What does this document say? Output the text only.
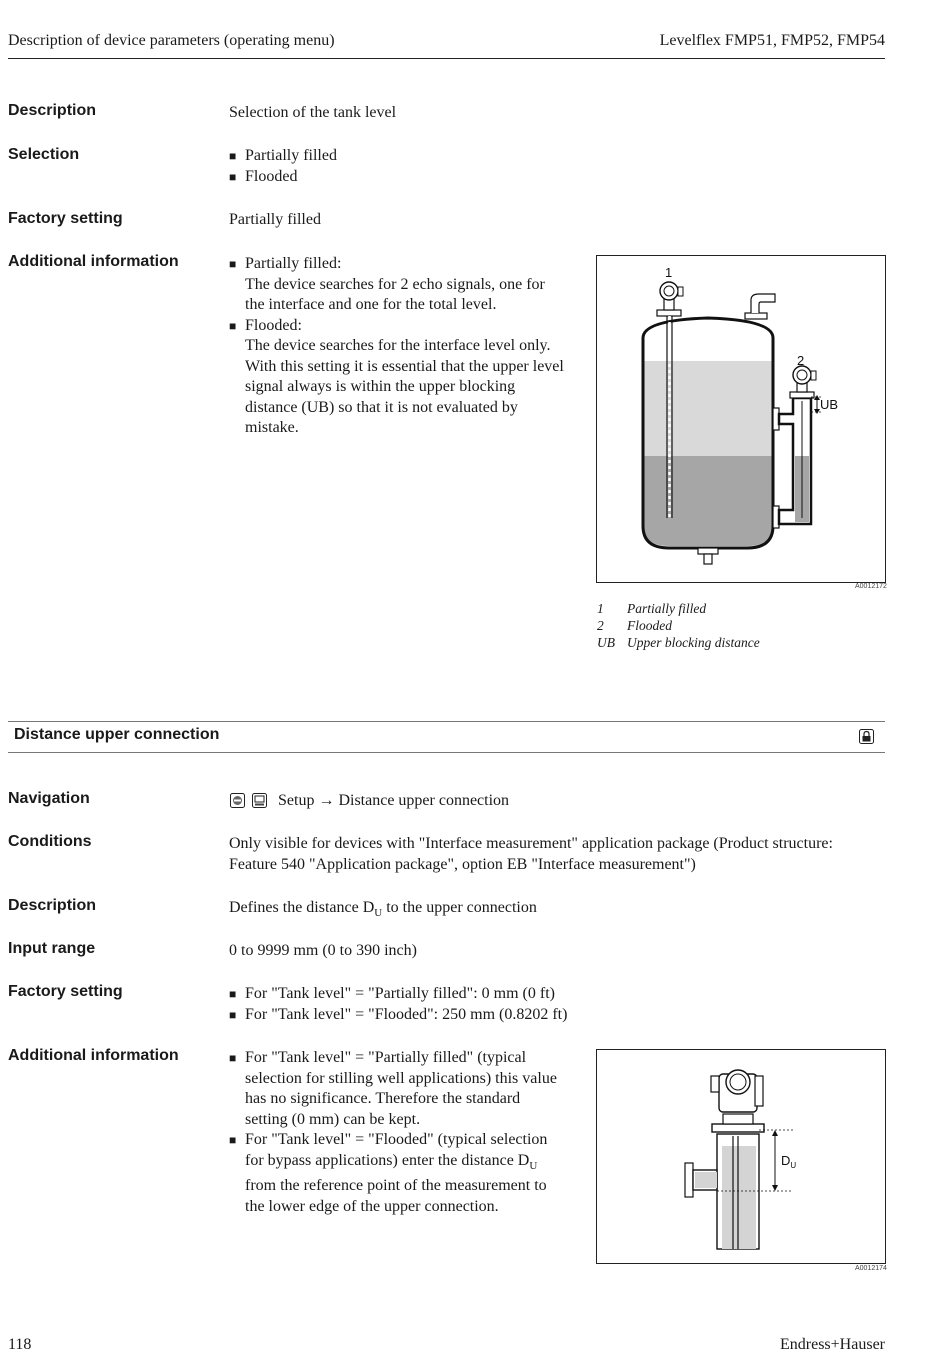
Description of device parameters (operating menu)	Levelflex FMP51, FMP52, FMP54
Description	Selection of the tank level
Selection	■ Partially filled
■ Flooded
Factory setting	Partially filled
Additional information	■ Partially filled:
The device searches for 2 echo signals, one for
the interface and one for the total level.
■ Flooded:
The device searches for the interface level only.
With this setting it is essential that the upper level
signal always is within the upper blocking
distance (UB) so that it is not evaluated by
mistake.
1
2
UB
A0012172
1 Partially filled
2 Flooded
UB Upper blocking distance
Distance upper connection
Navigation	Setup → Distance upper connection
Conditions	Only visible for devices with "Interface measurement" application package (Product structure:
Feature 540 "Application package", option EB "Interface measurement")
Description	Defines the distance $D_U$ to the upper connection
Input range	0 to 9999 mm (0 to 390 inch)
Factory setting	■ For "Tank level" = "Partially filled": 0 mm (0 ft)
■ For "Tank level" = "Flooded": 250 mm (0.8202 ft)
Additional information	■ For "Tank level" = "Partially filled" (typical
selection for stilling well applications) this value
has no significance. Therefore the standard
setting (0 mm) can be kept.
■ For "Tank level" = "Flooded" (typical selection
for bypass applications) enter the distance $D_U$
from the reference point of the measurement to
the lower edge of the upper connection.
$D_U$
A0012174
118	Endress+Hauser
